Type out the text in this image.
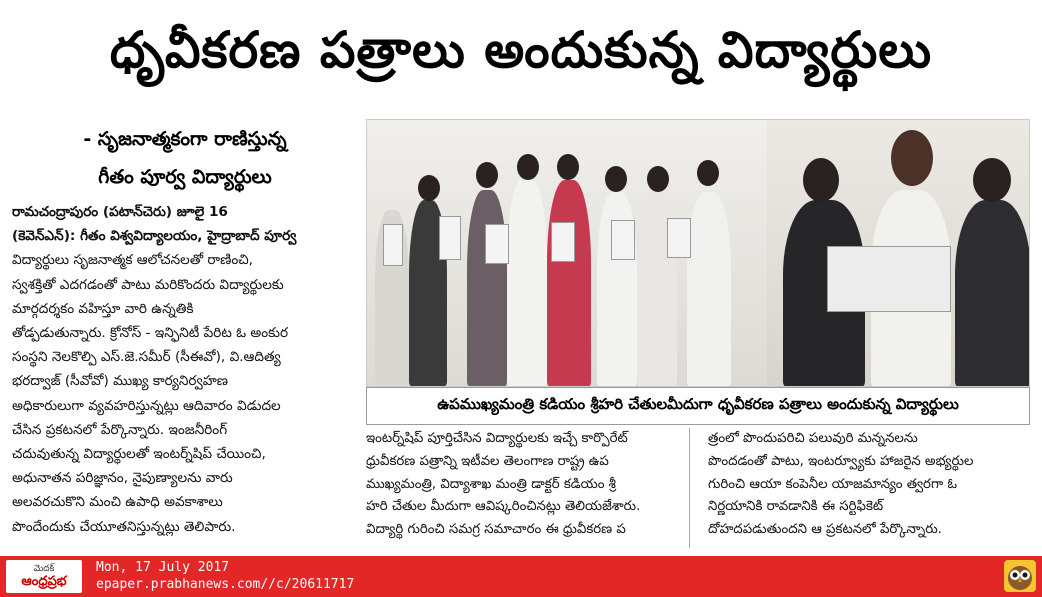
ధృవీకరణ పత్రాలు అందుకున్న విద్యార్థులు
- సృజనాత్మకంగా రాణిస్తున్న
గీతం పూర్వ విద్యార్థులు
రామచంద్రాపురం (పటాన్‌చెరు) జూలై 16
(కెవెన్‌ఎన్‌): గీతం విశ్వవిద్యాలయం, హైద్రాబాద్ పూర్వ
విద్యార్థులు సృజనాత్మక ఆలోచనలతో రాణించి,
స్వశక్తితో ఎదగడంతో పాటు మరికొందరు విద్యార్థులకు
మార్గదర్శకం వహిస్తూ వారి ఉన్నతికి
తోడ్పడుతున్నారు. క్రోనోస్ - ఇన్ఫినిటీ పేరిట ఓ అంకుర
సంస్థని నెలకొల్పి ఎస్.జె.సమీర్ (సీఈవో), వి.ఆదిత్య
భరద్వాజ్ (సీవోవో) ముఖ్య కార్యనిర్వహణ
అధికారులుగా వ్యవహరిస్తున్నట్లు ఆదివారం విడుదల
చేసిన ప్రకటనలో పేర్కొన్నారు. ఇంజనీరింగ్
చదువుతున్న విద్యార్థులతో ఇంటర్న్‌షిప్ చేయించి,
అధునాతన పరిజ్ఞానం, నైపుణ్యాలను వారు
అలవరచుకొని మంచి ఉపాధి అవకాశాలు
పొందేందుకు చేయూతనిస్తున్నట్లు తెలిపారు.
ఉపముఖ్యమంత్రి కడియం శ్రీహరి చేతులమీదుగా ధృవీకరణ పత్రాలు అందుకున్న విద్యార్థులు
ఇంటర్న్‌షిప్ పూర్తిచేసిన విద్యార్థులకు ఇచ్చే కార్పొరేట్
ధ్రువీకరణ పత్రాన్ని ఇటీవల తెలంగాణ రాష్ట్ర ఉప
ముఖ్యమంత్రి, విద్యాశాఖ మంత్రి డాక్టర్ కడియం శ్రీ
హరి చేతుల మీదుగా ఆవిష్కరించినట్లు తెలియజేశారు.
విద్యార్థి గురించి సమగ్ర సమాచారం ఈ ధ్రువీకరణ ప
త్రంలో పొందుపరిచి పలువురి మన్ననలను
పొందడంతో పాటు, ఇంటర్వ్యూకు హాజరైన అభ్యర్థుల
గురించి ఆయా కంపెనీల యాజమాన్యం త్వరగా ఓ
నిర్ణయానికి రావడానికి ఈ సర్టిఫికెట్
దోహదపడుతుందని ఆ ప్రకటనలో పేర్కొన్నారు.
మెదక్
ఆంధ్రప్రభ
Mon, 17 July 2017
epaper.prabhanews.com//c/20611717
